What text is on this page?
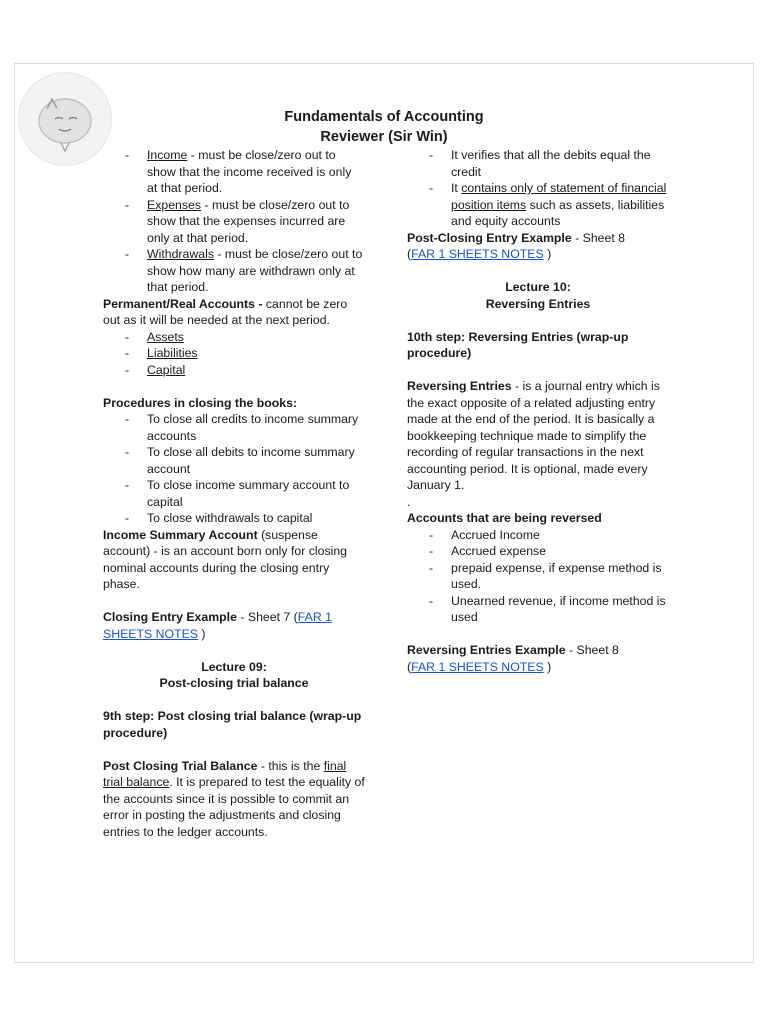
Fundamentals of Accounting
Reviewer (Sir Win)
-	Income - must be close/zero out to show that the income received is only at that period.
-	Expenses - must be close/zero out to show that the expenses incurred are only at that period.
-	Withdrawals - must be close/zero out to show how many are withdrawn only at that period.

Permanent/Real Accounts - cannot be zero out as it will be needed at the next period.

-	Assets
-	Liabilities
-	Capital

Procedures in closing the books:

-	To close all credits to income summary accounts
-	To close all debits to income summary account
-	To close income summary account to capital
-	To close withdrawals to capital

Income Summary Account (suspense account) - is an account born only for closing nominal accounts during the closing entry phase.

Closing Entry Example - Sheet 7 (FAR 1 SHEETS NOTES )

Lecture 09:

Post-closing trial balance

9th step: Post closing trial balance (wrap-up procedure)

Post Closing Trial Balance - this is the final trial balance. It is prepared to test the equality of the accounts since it is possible to commit an error in posting the adjustments and closing entries to the ledger accounts.

-	It verifies that all the debits equal the credit
-	It contains only of statement of financial position items such as assets, liabilities and equity accounts

Post-Closing Entry Example - Sheet 8

(FAR 1 SHEETS NOTES )

Lecture 10:

Reversing Entries

10th step: Reversing Entries (wrap-up procedure)

Reversing Entries - is a journal entry which is the exact opposite of a related adjusting entry made at the end of the period. It is basically a bookkeeping technique made to simplify the recording of regular transactions in the next accounting period. It is optional, made every January 1.

.

Accounts that are being reversed

-	Accrued Income
-	Accrued expense
-	prepaid expense, if expense method is used.
-	Unearned revenue, if income method is used

Reversing Entries Example - Sheet 8

(FAR 1 SHEETS NOTES )
